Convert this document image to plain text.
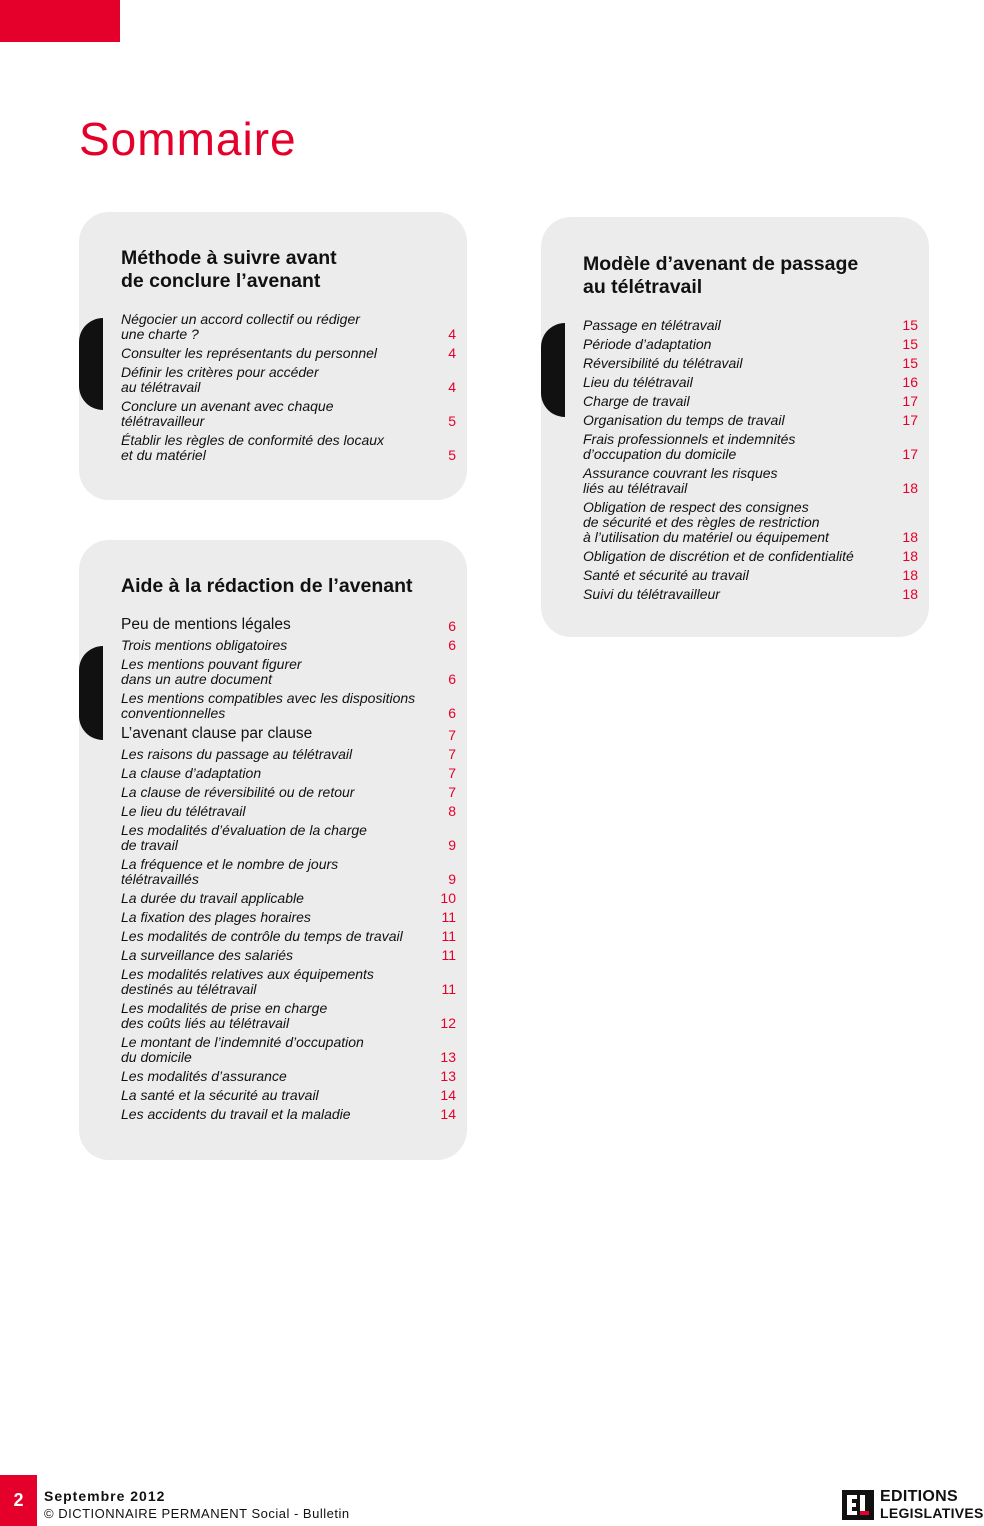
Sommaire
Méthode à suivre avant
de conclure l’avenant
Négocier un accord collectif ou rédiger
une charte ?	4
Consulter les représentants du personnel	4
Définir les critères pour accéder
au télétravail	4
Conclure un avenant avec chaque
télétravailleur	5
Établir les règles de conformité des locaux
et du matériel	5
Aide à la rédaction de l’avenant
Peu de mentions légales	6
Trois mentions obligatoires	6
Les mentions pouvant figurer
dans un autre document	6
Les mentions compatibles avec les dispositions
conventionnelles	6
L’avenant clause par clause	7
Les raisons du passage au télétravail	7
La clause d’adaptation	7
La clause de réversibilité ou de retour	7
Le lieu du télétravail	8
Les modalités d’évaluation de la charge
de travail	9
La fréquence et le nombre de jours
télétravaillés	9
La durée du travail applicable	10
La fixation des plages horaires	11
Les modalités de contrôle du temps de travail	11
La surveillance des salariés	11
Les modalités relatives aux équipements
destinés au télétravail	11
Les modalités de prise en charge
des coûts liés au télétravail	12
Le montant de l’indemnité d’occupation
du domicile	13
Les modalités d’assurance	13
La santé et la sécurité au travail	14
Les accidents du travail et la maladie	14
Modèle d’avenant de passage
au télétravail
Passage en télétravail	15
Période d’adaptation	15
Réversibilité du télétravail	15
Lieu du télétravail	16
Charge de travail	17
Organisation du temps de travail	17
Frais professionnels et indemnités
d’occupation du domicile	17
Assurance couvrant les risques
liés au télétravail	18
Obligation de respect des consignes
de sécurité et des règles de restriction
à l’utilisation du matériel ou équipement	18
Obligation de discrétion et de confidentialité	18
Santé et sécurité au travail	18
Suivi du télétravailleur	18
2	Septembre 2012
© DICTIONNAIRE PERMANENT Social - Bulletin
EDITIONS
LEGISLATIVES
